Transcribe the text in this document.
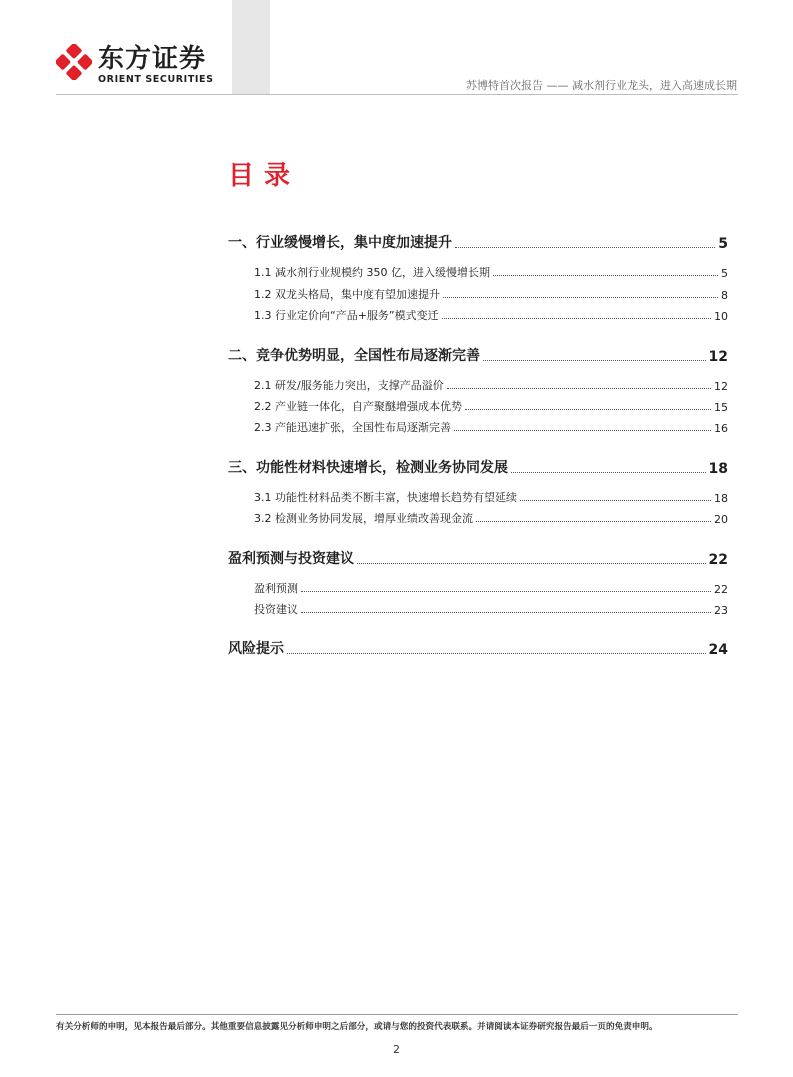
东方证券
ORIENT SECURITIES	苏博特首次报告 —— 减水剂行业龙头，进入高速成长期
目录
一、行业缓慢增长，集中度加速提升	5
1.1 减水剂行业规模约 350 亿，进入缓慢增长期	5
1.2 双龙头格局，集中度有望加速提升	8
1.3 行业定价向“产品+服务”模式变迁	10
二、竞争优势明显，全国性布局逐渐完善	12
2.1 研发/服务能力突出，支撑产品溢价	12
2.2 产业链一体化，自产聚醚增强成本优势	15
2.3 产能迅速扩张，全国性布局逐渐完善	16
三、功能性材料快速增长，检测业务协同发展	18
3.1 功能性材料品类不断丰富，快速增长趋势有望延续	18
3.2 检测业务协同发展，增厚业绩改善现金流	20
盈利预测与投资建议	22
盈利预测	22
投资建议	23
风险提示	24
有关分析师的申明，见本报告最后部分。其他重要信息披露见分析师申明之后部分，或请与您的投资代表联系。并请阅读本证券研究报告最后一页的免责申明。
2
